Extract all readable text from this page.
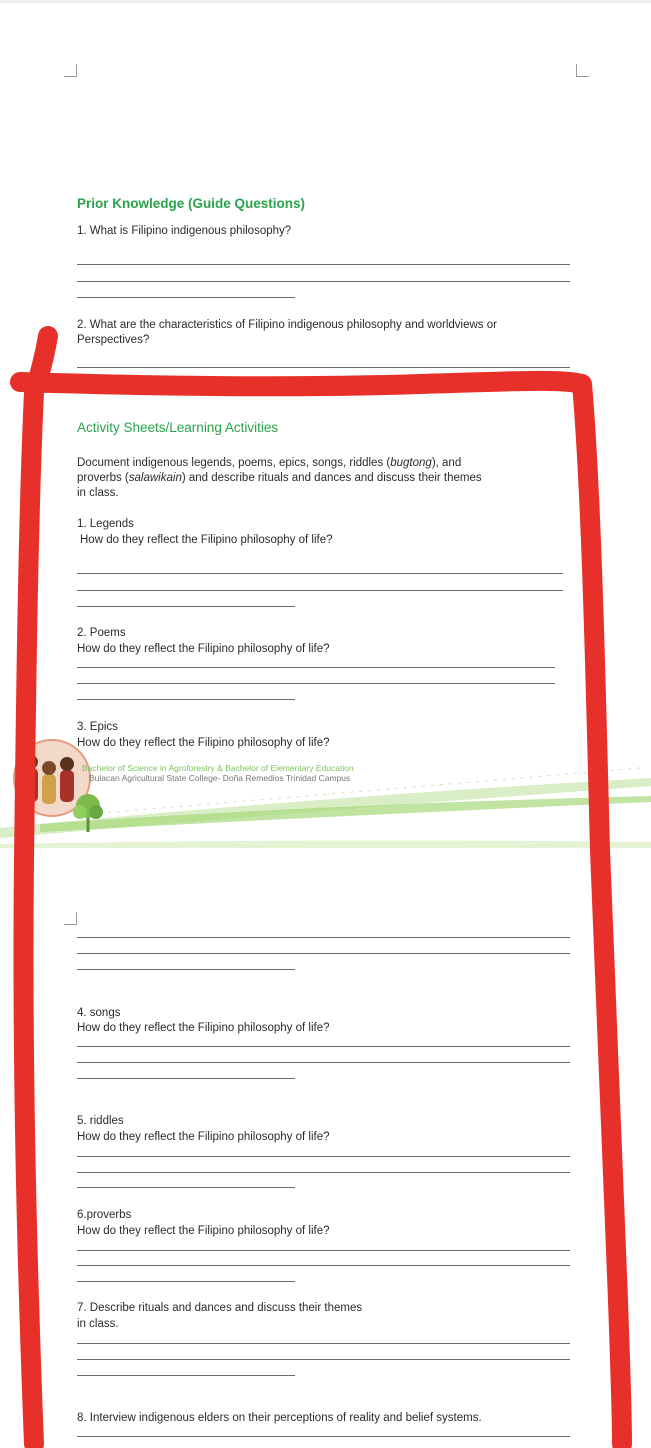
Prior Knowledge (Guide Questions)
1. What is Filipino indigenous philosophy?
2. What are the characteristics of Filipino indigenous philosophy and worldviews or
Perspectives?
Activity Sheets/Learning Activities
Document indigenous legends, poems, epics, songs, riddles (bugtong), and
proverbs (salawikain) and describe rituals and dances and discuss their themes
in class.
1. Legends
How do they reflect the Filipino philosophy of life?
2. Poems
How do they reflect the Filipino philosophy of life?
3. Epics
How do they reflect the Filipino philosophy of life?
Bachelor of Science in Agroforestry & Bachelor of Elementary Education
Bulacan Agricultural State College- Doña Remedios Trinidad Campus
4. songs
How do they reflect the Filipino philosophy of life?
5. riddles
How do they reflect the Filipino philosophy of life?
6.proverbs
How do they reflect the Filipino philosophy of life?
7. Describe rituals and dances and discuss their themes
in class.
8. Interview indigenous elders on their perceptions of reality and belief systems.
